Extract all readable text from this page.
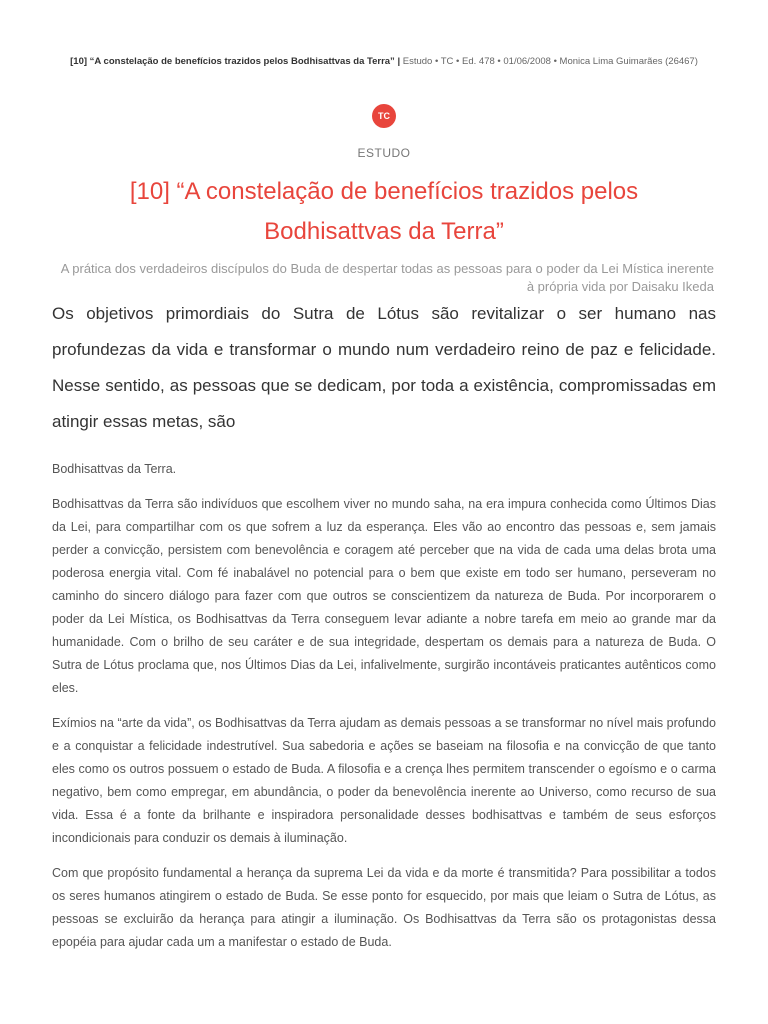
[10] “A constelação de benefícios trazidos pelos Bodhisattvas da Terra” | Estudo • TC • Ed. 478 • 01/06/2008 • Monica Lima Guimarães (26467)
TC
ESTUDO
[10] “A constelação de benefícios trazidos pelos Bodhisattvas da Terra”
A prática dos verdadeiros discípulos do Buda de despertar todas as pessoas para o poder da Lei Mística inerente à própria vida por Daisaku Ikeda
Os objetivos primordiais do Sutra de Lótus são revitalizar o ser humano nas profundezas da vida e transformar o mundo num verdadeiro reino de paz e felicidade. Nesse sentido, as pessoas que se dedicam, por toda a existência, compromissadas em atingir essas metas, são

Bodhisattvas da Terra.

Bodhisattvas da Terra são indivíduos que escolhem viver no mundo saha, na era impura conhecida como Últimos Dias da Lei, para compartilhar com os que sofrem a luz da esperança. Eles vão ao encontro das pessoas e, sem jamais perder a convicção, persistem com benevolência e coragem até perceber que na vida de cada uma delas brota uma poderosa energia vital. Com fé inabalável no potencial para o bem que existe em todo ser humano, perseveram no caminho do sincero diálogo para fazer com que outros se conscientizem da natureza de Buda. Por incorporarem o poder da Lei Mística, os Bodhisattvas da Terra conseguem levar adiante a nobre tarefa em meio ao grande mar da humanidade. Com o brilho de seu caráter e de sua integridade, despertam os demais para a natureza de Buda. O Sutra de Lótus proclama que, nos Últimos Dias da Lei, infalivelmente, surgirão incontáveis praticantes autênticos como eles.

Exímios na “arte da vida”, os Bodhisattvas da Terra ajudam as demais pessoas a se transformar no nível mais profundo e a conquistar a felicidade indestrutível. Sua sabedoria e ações se baseiam na filosofia e na convicção de que tanto eles como os outros possuem o estado de Buda. A filosofia e a crença lhes permitem transcender o egoísmo e o carma negativo, bem como empregar, em abundância, o poder da benevolência inerente ao Universo, como recurso de sua vida. Essa é a fonte da brilhante e inspiradora personalidade desses bodhisattvas e também de seus esforços incondicionais para conduzir os demais à iluminação.

Com que propósito fundamental a herança da suprema Lei da vida e da morte é transmitida? Para possibilitar a todos os seres humanos atingirem o estado de Buda. Se esse ponto for esquecido, por mais que leiam o Sutra de Lótus, as pessoas se excluirão da herança para atingir a iluminação. Os Bodhisattvas da Terra são os protagonistas dessa epopéia para ajudar cada um a manifestar o estado de Buda.
